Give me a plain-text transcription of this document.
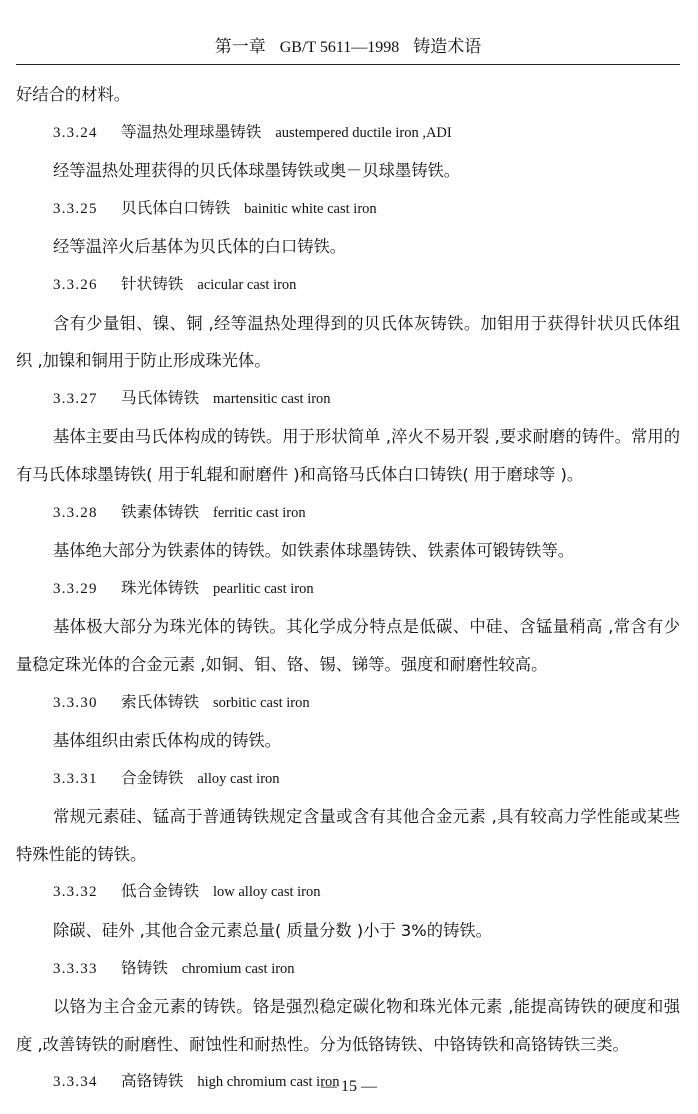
第一章 GB/T 5611—1998 铸造术语

好结合的材料。

3.3.24 等温热处理球墨铸铁 austempered ductile iron ,ADI

经等温热处理获得的贝氏体球墨铸铁或奥－贝球墨铸铁。

3.3.25 贝氏体白口铸铁 bainitic white cast iron

经等温淬火后基体为贝氏体的白口铸铁。

3.3.26 针状铸铁 acicular cast iron

含有少量钼、镍、铜 ,经等温热处理得到的贝氏体灰铸铁。加钼用于获得针状贝氏体组织 ,加镍和铜用于防止形成珠光体。

3.3.27 马氏体铸铁 martensitic cast iron

基体主要由马氏体构成的铸铁。用于形状简单 ,淬火不易开裂 ,要求耐磨的铸件。常用的有马氏体球墨铸铁( 用于轧辊和耐磨件 )和高铬马氏体白口铸铁( 用于磨球等 )。

3.3.28 铁素体铸铁 ferritic cast iron

基体绝大部分为铁素体的铸铁。如铁素体球墨铸铁、铁素体可锻铸铁等。

3.3.29 珠光体铸铁 pearlitic cast iron

基体极大部分为珠光体的铸铁。其化学成分特点是低碳、中硅、含锰量稍高 ,常含有少量稳定珠光体的合金元素 ,如铜、钼、铬、锡、锑等。强度和耐磨性较高。

3.3.30 索氏体铸铁 sorbitic cast iron

基体组织由索氏体构成的铸铁。

3.3.31 合金铸铁 alloy cast iron

常规元素硅、锰高于普通铸铁规定含量或含有其他合金元素 ,具有较高力学性能或某些特殊性能的铸铁。

3.3.32 低合金铸铁 low alloy cast iron

除碳、硅外 ,其他合金元素总量( 质量分数 )小于 3%的铸铁。

3.3.33 铬铸铁 chromium cast iron

以铬为主合金元素的铸铁。铬是强烈稳定碳化物和珠光体元素 ,能提高铸铁的硬度和强度 ,改善铸铁的耐磨性、耐蚀性和耐热性。分为低铬铸铁、中铬铸铁和高铬铸铁三类。

3.3.34 高铬铸铁 high chromium cast iron
— 15 —
